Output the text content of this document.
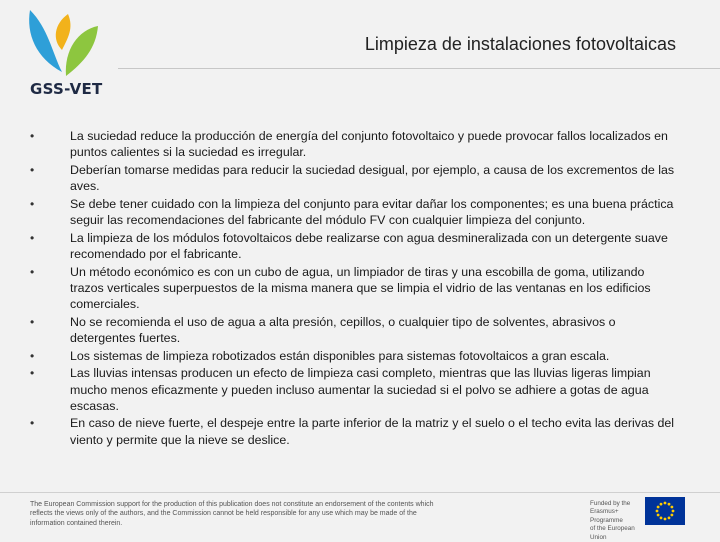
GSS-VET
Limpieza de instalaciones fotovoltaicas
•	La suciedad reduce la producción de energía del conjunto fotovoltaico y puede provocar fallos localizados en puntos calientes si la suciedad es irregular.
•	Deberían tomarse medidas para reducir la suciedad desigual, por ejemplo, a causa de los excrementos de las aves.
•	Se debe tener cuidado con la limpieza del conjunto para evitar dañar los componentes; es una buena práctica seguir las recomendaciones del fabricante del módulo FV con cualquier limpieza del conjunto.
•	La limpieza de los módulos fotovoltaicos debe realizarse con agua desmineralizada con un detergente suave recomendado por el fabricante.
•	Un método económico es con un cubo de agua, un limpiador de tiras y una escobilla de goma, utilizando trazos verticales superpuestos de la misma manera que se limpia el vidrio de las ventanas en los edificios comerciales.
•	No se recomienda el uso de agua a alta presión, cepillos, o cualquier tipo de solventes, abrasivos o detergentes fuertes.
•	Los sistemas de limpieza robotizados están disponibles para sistemas fotovoltaicos a gran escala.
•	Las lluvias intensas producen un efecto de limpieza casi completo, mientras que las lluvias ligeras limpian mucho menos eficazmente y pueden incluso aumentar la suciedad si el polvo se adhiere a gotas de agua escasas.
•	En caso de nieve fuerte, el despeje entre la parte inferior de la matriz y el suelo o el techo evita las derivas del viento y permite que la nieve se deslice.

The European Commission support for the production of this publication does not constitute an endorsement of the contents which reflects the views only of the authors, and the Commission cannot be held responsible for any use which may be made of the information contained therein.

Funded by the
Erasmus+ Programme
of the European Union
